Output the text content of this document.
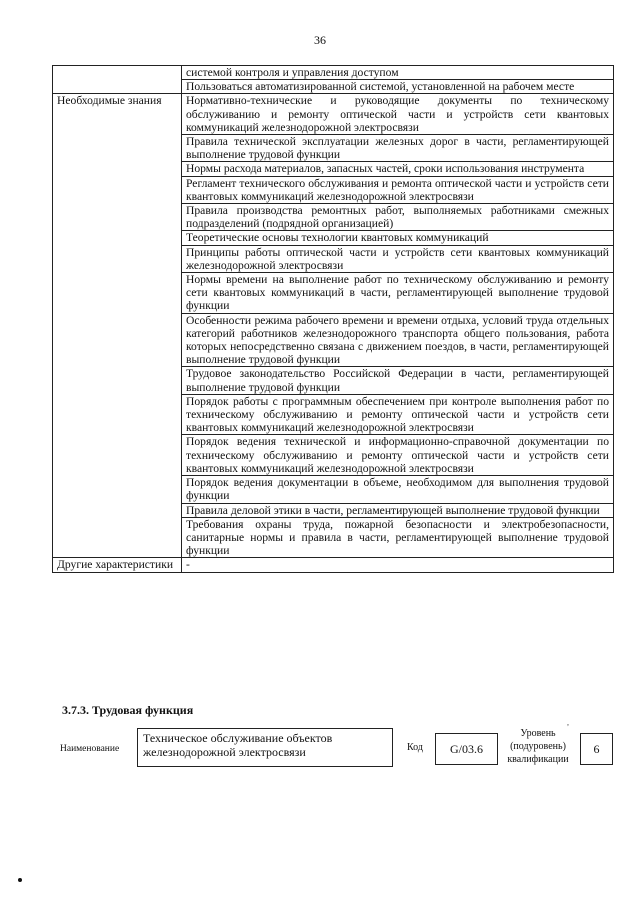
36
	системой контроля и управления доступом
	Пользоваться автоматизированной системой, установленной на рабочем месте
Необходимые знания	Нормативно-технические и руководящие документы по техническому обслуживанию и ремонту оптической части и устройств сети квантовых коммуникаций железнодорожной электросвязи
	Правила технической эксплуатации железных дорог в части, регламентирующей выполнение трудовой функции
	Нормы расхода материалов, запасных частей, сроки использования инструмента
	Регламент технического обслуживания и ремонта оптической части и устройств сети квантовых коммуникаций железнодорожной электросвязи
	Правила производства ремонтных работ, выполняемых работниками смежных подразделений (подрядной организацией)
	Теоретические основы технологии квантовых коммуникаций
	Принципы работы оптической части и устройств сети квантовых коммуникаций железнодорожной электросвязи
	Нормы времени на выполнение работ по техническому обслуживанию и ремонту сети квантовых коммуникаций в части, регламентирующей выполнение трудовой функции
	Особенности режима рабочего времени и времени отдыха, условий труда отдельных категорий работников железнодорожного транспорта общего пользования, работа которых непосредственно связана с движением поездов, в части, регламентирующей выполнение трудовой функции
	Трудовое законодательство Российской Федерации в части, регламентирующей выполнение трудовой функции
	Порядок работы с программным обеспечением при контроле выполнения работ по техническому обслуживанию и ремонту оптической части и устройств сети квантовых коммуникаций железнодорожной электросвязи
	Порядок ведения технической и информационно-справочной документации по техническому обслуживанию и ремонту оптической части и устройств сети квантовых коммуникаций железнодорожной электросвязи
	Порядок ведения документации в объеме, необходимом для выполнения трудовой функции
	Правила деловой этики в части, регламентирующей выполнение трудовой функции
	Требования охраны труда, пожарной безопасности и электробезопасности, санитарные нормы и правила в части, регламентирующей выполнение трудовой функции
Другие характеристики	-
3.7.3. Трудовая функция
Наименование
Техническое обслуживание объектов железнодорожной электросвязи	Код	G/03.6
Уровень (подуровень) квалификации
6
,
